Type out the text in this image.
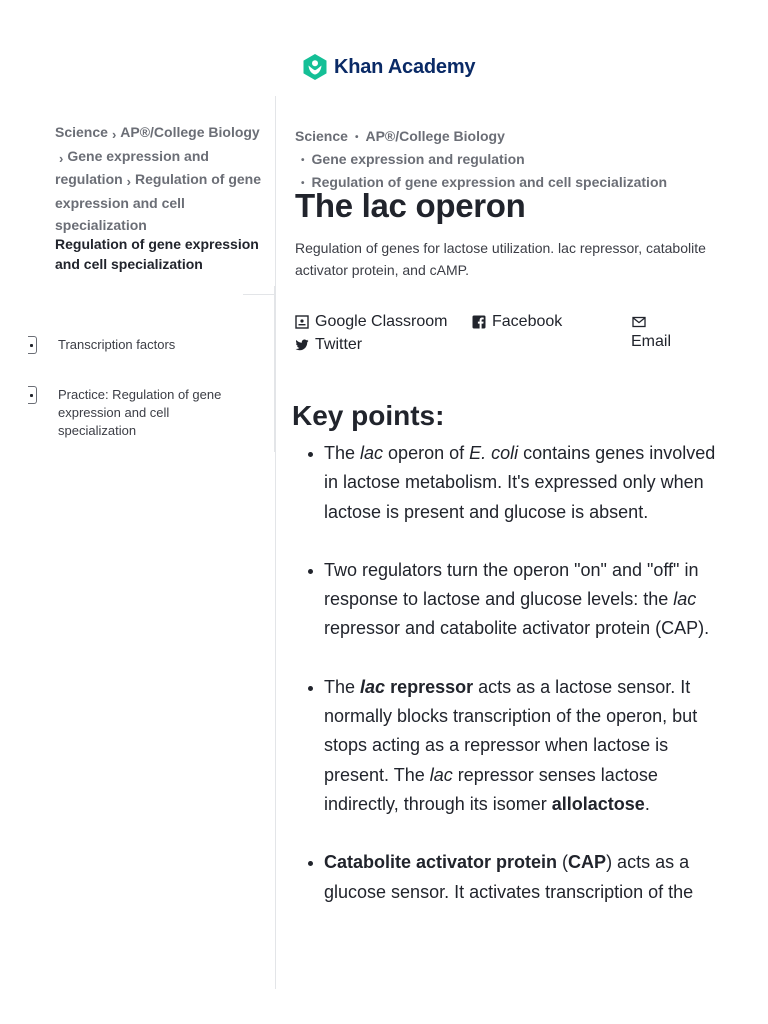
Khan Academy
Science › AP®/College Biology› Gene expression and regulation › Regulation of gene expression and cell specialization
Regulation of gene expression and cell specialization
Transcription factors
Practice: Regulation of gene expression and cell specialization
Science • AP®/College Biology
• Gene expression and regulation
• Regulation of gene expression and cell specialization
The lac operon

Regulation of genes for lactose utilization. lac repressor, catabolite activator protein, and cAMP.

Google Classroom	Facebook
Twitter	Email
Key points:
The lac operon of E. coli contains genes involved in lactose metabolism. It's expressed only when lactose is present and glucose is absent.
Two regulators turn the operon "on" and "off" in response to lactose and glucose levels: the lac repressor and catabolite activator protein (CAP).
The lac repressor acts as a lactose sensor. It normally blocks transcription of the operon, but stops acting as a repressor when lactose is present. The lac repressor senses lactose indirectly, through its isomer allolactose.
Catabolite activator protein (CAP) acts as a glucose sensor. It activates transcription of the
